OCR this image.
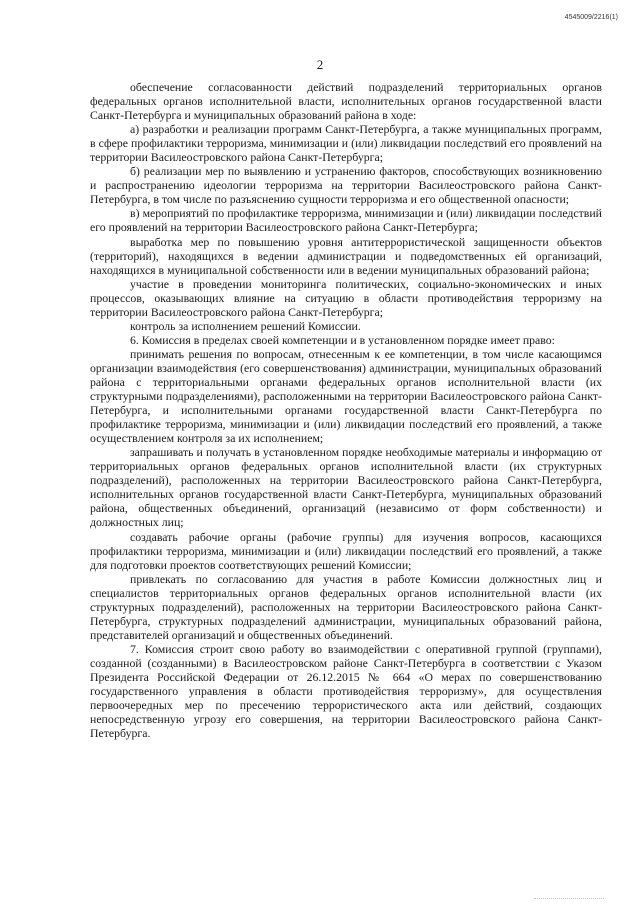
4545009/2216(1)
2

обеспечение согласованности действий подразделений территориальных органов федеральных органов исполнительной власти, исполнительных органов государственной власти Санкт-Петербурга и муниципальных образований района в ходе:

а) разработки и реализации программ Санкт-Петербурга, а также муниципальных программ, в сфере профилактики терроризма, минимизации и (или) ликвидации последствий его проявлений на территории Василеостровского района Санкт-Петербурга;

б) реализации мер по выявлению и устранению факторов, способствующих возникновению и распространению идеологии терроризма на территории Василеостровского района Санкт-Петербурга, в том числе по разъяснению сущности терроризма и его общественной опасности;

в) мероприятий по профилактике терроризма, минимизации и (или) ликвидации последствий его проявлений на территории Василеостровского района Санкт-Петербурга;

выработка мер по повышению уровня антитеррористической защищенности объектов (территорий), находящихся в ведении администрации и подведомственных ей организаций, находящихся в муниципальной собственности или в ведении муниципальных образований района;

участие в проведении мониторинга политических, социально-экономических и иных процессов, оказывающих влияние на ситуацию в области противодействия терроризму на территории Василеостровского района Санкт-Петербурга;

контроль за исполнением решений Комиссии.

6. Комиссия в пределах своей компетенции и в установленном порядке имеет право:

принимать решения по вопросам, отнесенным к ее компетенции, в том числе касающимся организации взаимодействия (его совершенствования) администрации, муниципальных образований района с территориальными органами федеральных органов исполнительной власти (их структурными подразделениями), расположенными на территории Василеостровского района Санкт-Петербурга, и исполнительными органами государственной власти Санкт-Петербурга по профилактике терроризма, минимизации и (или) ликвидации последствий его проявлений, а также осуществлением контроля за их исполнением;

запрашивать и получать в установленном порядке необходимые материалы и информацию от территориальных органов федеральных органов исполнительной власти (их структурных подразделений), расположенных на территории Василеостровского района Санкт-Петербурга, исполнительных органов государственной власти Санкт-Петербурга, муниципальных образований района, общественных объединений, организаций (независимо от форм собственности) и должностных лиц;

создавать рабочие органы (рабочие группы) для изучения вопросов, касающихся профилактики терроризма, минимизации и (или) ликвидации последствий его проявлений, а также для подготовки проектов соответствующих решений Комиссии;

привлекать по согласованию для участия в работе Комиссии должностных лиц и специалистов территориальных органов федеральных органов исполнительной власти (их структурных подразделений), расположенных на территории Василеостровского района Санкт-Петербурга, структурных подразделений администрации, муниципальных образований района, представителей организаций и общественных объединений.

7. Комиссия строит свою работу во взаимодействии с оперативной группой (группами), созданной (созданными) в Василеостровском районе Санкт-Петербурга в соответствии с Указом Президента Российской Федерации от 26.12.2015 № 664 «О мерах по совершенствованию государственного управления в области противодействия терроризму», для осуществления первоочередных мер по пресечению террористического акта или действий, создающих непосредственную угрозу его совершения, на территории Василеостровского района Санкт-Петербурга.
